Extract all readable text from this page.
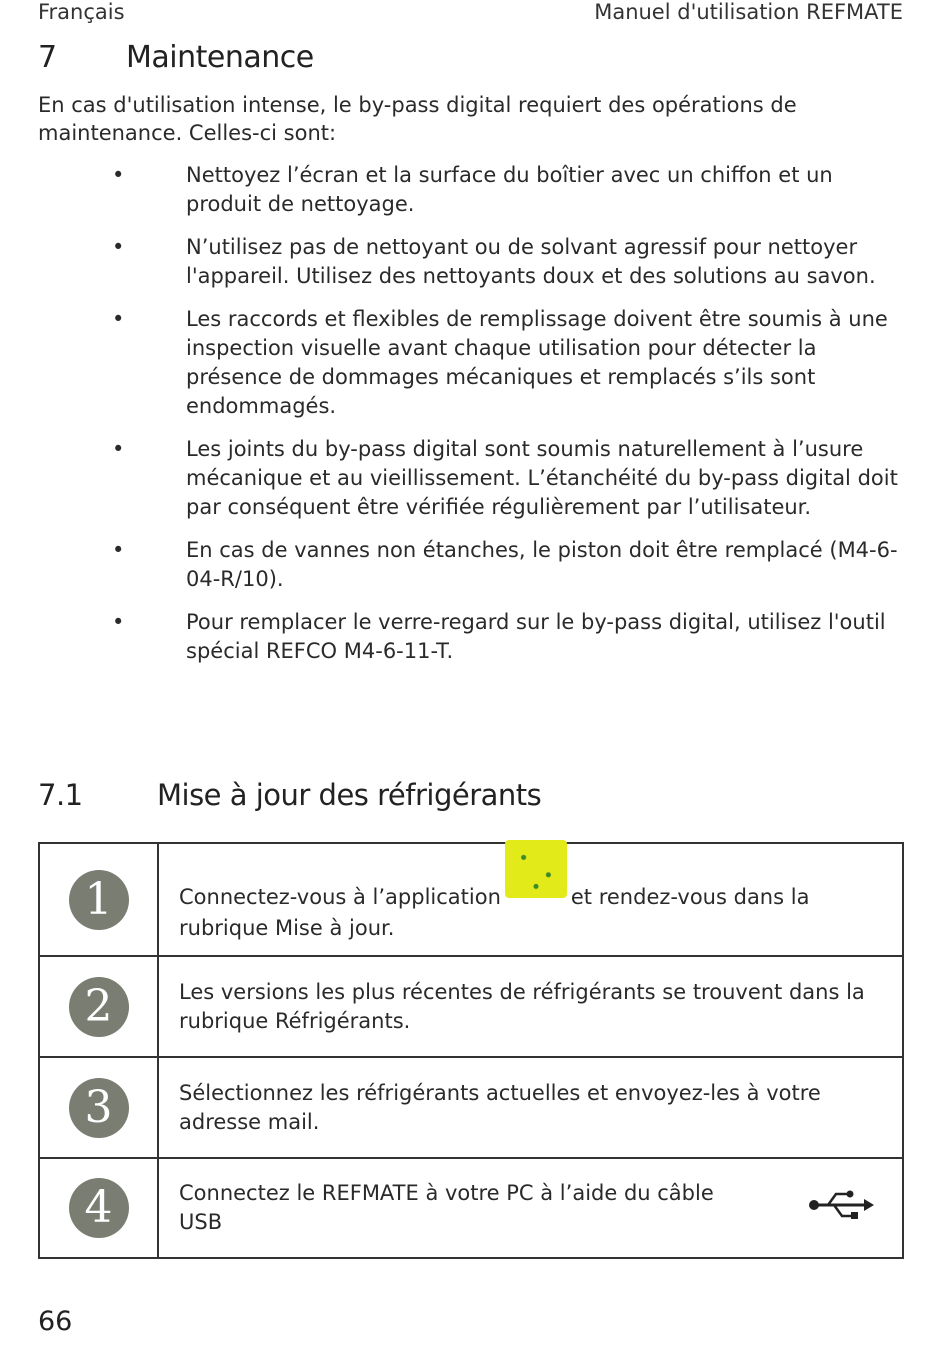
Français	Manuel d'utilisation REFMATE
7 Maintenance

En cas d'utilisation intense, le by-pass digital requiert des opérations de maintenance. Celles-ci sont:

•	Nettoyez l’écran et la surface du boîtier avec un chiffon et un produit de nettoyage.
•	N’utilisez pas de nettoyant ou de solvant agressif pour nettoyer l'appareil. Utilisez des nettoyants doux et des solutions au savon.
•	Les raccords et flexibles de remplissage doivent être soumis à une inspection visuelle avant chaque utilisation pour détecter la présence de dommages mécaniques et remplacés s’ils sont endommagés.
•	Les joints du by-pass digital sont soumis naturellement à l’usure mécanique et au vieillissement. L’étanchéité du by-pass digital doit par conséquent être vérifiée régulièrement par l’utilisateur.
•	En cas de vannes non étanches, le piston doit être remplacé (M4-6-04-R/10).
•	Pour remplacer le verre-regard sur le by-pass digital, utilisez l'outil spécial REFCO M4-6-11-T.
7.1	Mise à jour des réfrigérants
1	Connectez-vous à l’application et rendez-vous dans la rubrique Mise à jour.
2	Les versions les plus récentes de réfrigérants se trouvent dans la rubrique Réfrigérants.
3	Sélectionnez les réfrigérants actuelles et envoyez-les à votre adresse mail.
4	Connectez le REFMATE à votre PC à l’aide du câble USB
66
